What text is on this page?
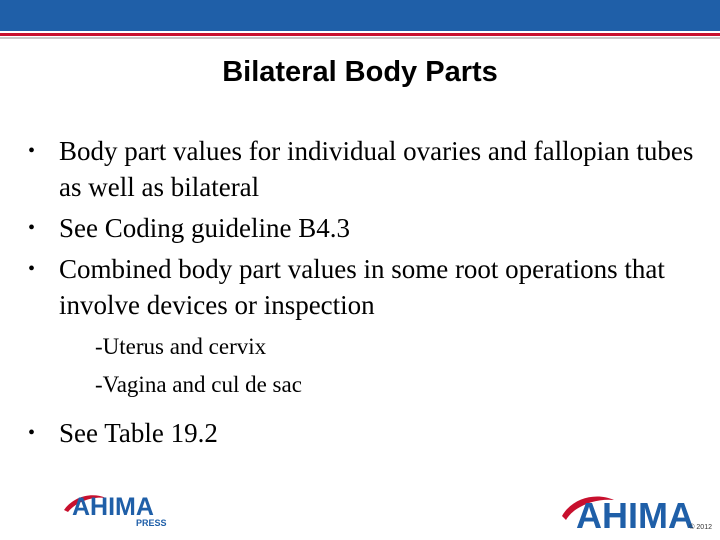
Bilateral Body Parts
• Body part values for individual ovaries and fallopian tubes as well as bilateral
• See Coding guideline B4.3
• Combined body part values in some root operations that involve devices or inspection
-Uterus and cervix
-Vagina and cul de sac
• See Table 19.2
AHIMA
PRESS	AHIMA
© 2012
